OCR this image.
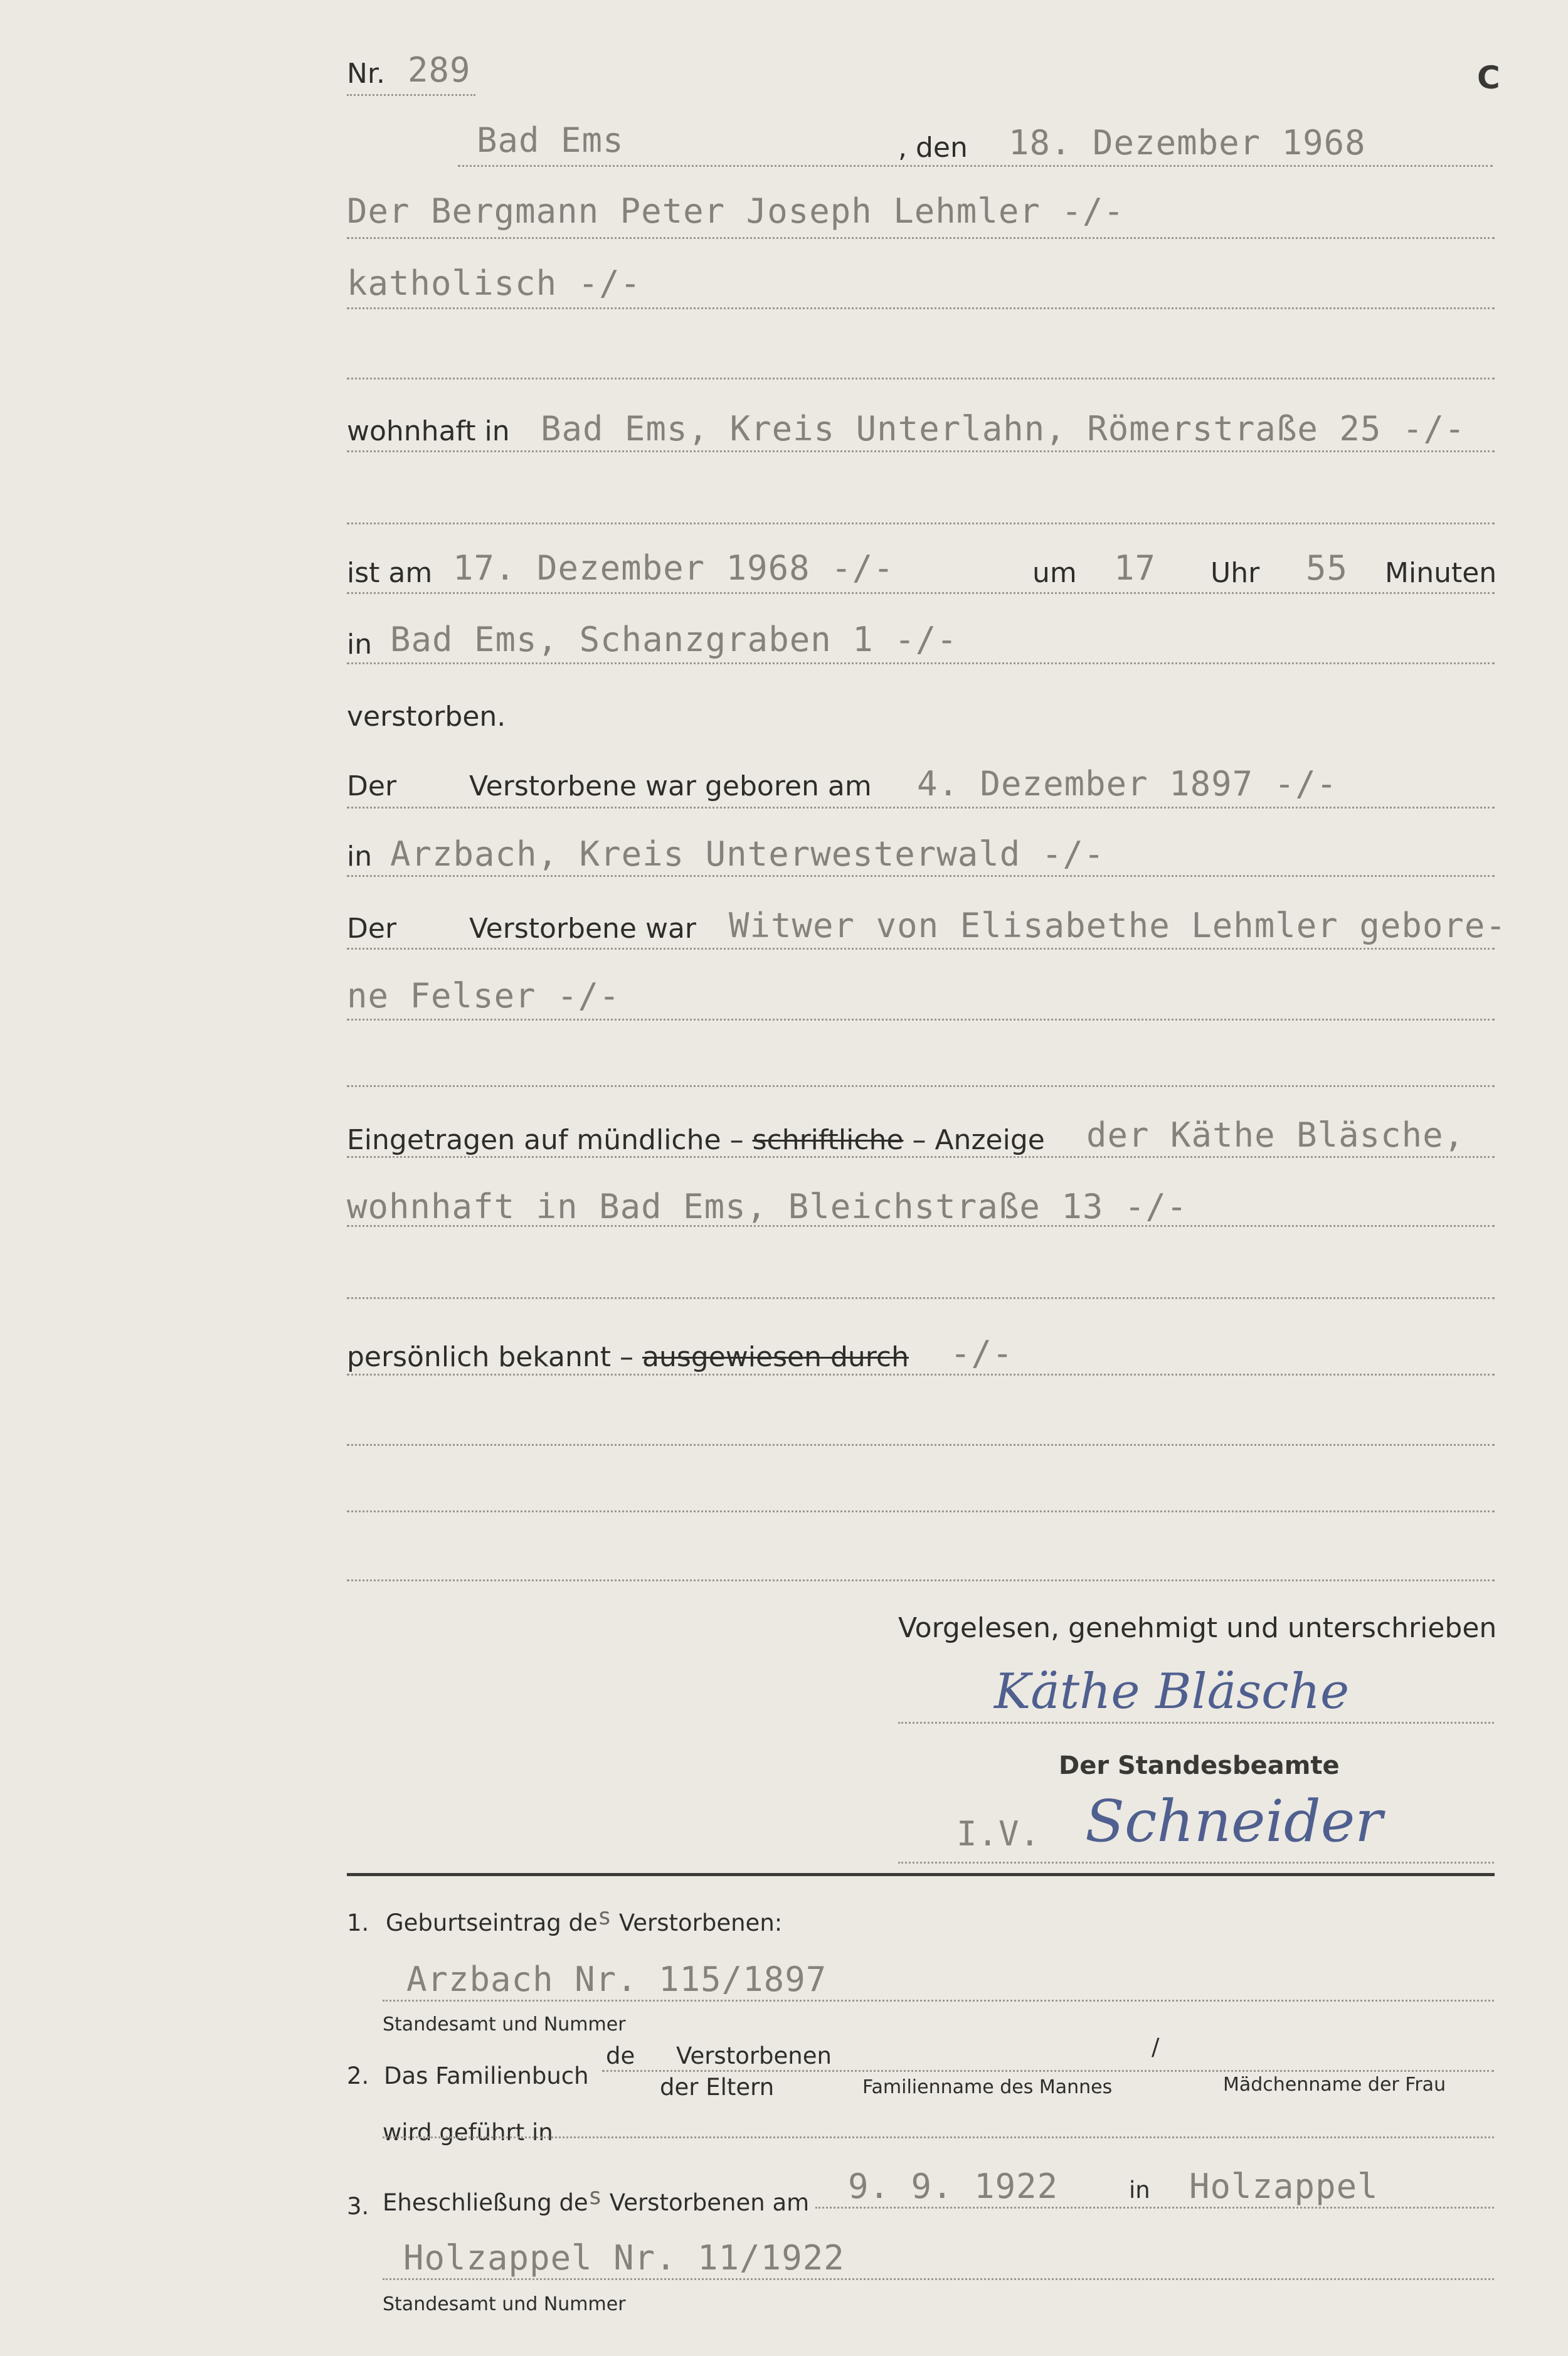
C
Nr. 289
Bad Ems	, den 18. Dezember 1968
Der Bergmann Peter Joseph Lehmler -/-
katholisch -/-
wohnhaft in Bad Ems, Kreis Unterlahn, Römerstraße 25 -/-
ist am 17. Dezember 1968 -/-	um 17 Uhr 55 Minuten
in Bad Ems, Schanzgraben 1 -/-
verstorben.
Der	Verstorbene war geboren am 4. Dezember 1897 -/-
in Arzbach, Kreis Unterwesterwald -/-
Der	Verstorbene war Witwer von Elisabethe Lehmler gebore-
ne Felser -/-
Eingetragen auf mündliche – schriftliche – Anzeige der Käthe Bläsche,
wohnhaft in Bad Ems, Bleichstraße 13 -/-
persönlich bekannt – ausgewiesen durch -/-
Vorgelesen, genehmigt und unterschrieben
Käthe Bläsche
Der Standesbeamte
I.V. Schneider
1. Geburtseintrag des Verstorbenen:
Arzbach Nr. 115/1897
Standesamt und Nummer
2. Das Familienbuch
de Verstorbenen	/
der Eltern	Familienname des Mannes	Mädchenname der Frau
wird geführt in
3. Eheschließung des Verstorbenen am 9. 9. 1922	in Holzappel
Holzappel Nr. 11/1922
Standesamt und Nummer
